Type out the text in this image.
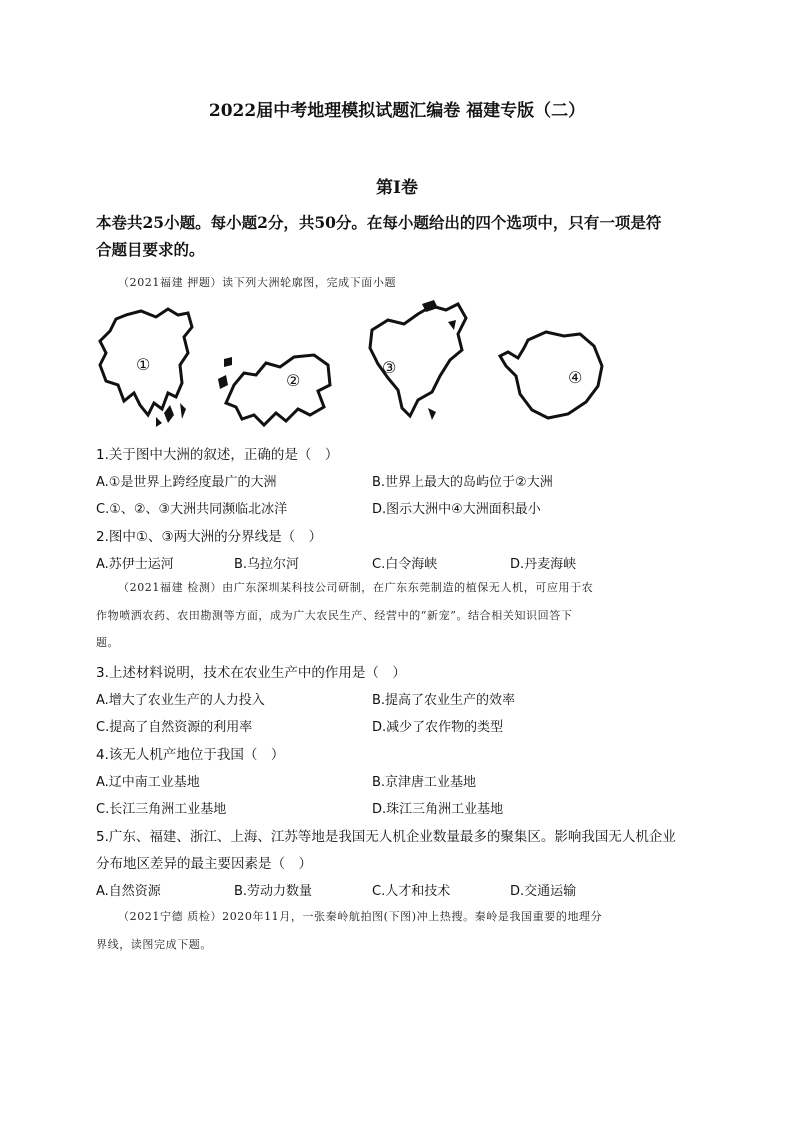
2022届中考地理模拟试题汇编卷 福建专版（二）
第I卷
本卷共25小题。每小题2分，共50分。在每小题给出的四个选项中，只有一项是符
合题目要求的。
（2021福建 押题）读下列大洲轮廓图，完成下面小题
①
②
③
④
1.关于图中大洲的叙述，正确的是（　）
A.①是世界上跨经度最广的大洲	B.世界上最大的岛屿位于②大洲
C.①、②、③大洲共同濒临北冰洋	D.图示大洲中④大洲面积最小
2.图中①、③两大洲的分界线是（　）
A.苏伊士运河	B.乌拉尔河	C.白令海峡	D.丹麦海峡
（2021福建 检测）由广东深圳某科技公司研制，在广东东莞制造的植保无人机，可应用于农
作物喷洒农药、农田勘测等方面，成为广大农民生产、经营中的“新宠”。结合相关知识回答下
题。
3.上述材料说明，技术在农业生产中的作用是（　）
A.增大了农业生产的人力投入	B.提高了农业生产的效率
C.提高了自然资源的利用率	D.减少了农作物的类型
4.该无人机产地位于我国（　）
A.辽中南工业基地	B.京津唐工业基地
C.长江三角洲工业基地	D.珠江三角洲工业基地
5.广东、福建、浙江、上海、江苏等地是我国无人机企业数量最多的聚集区。影响我国无人机企业
分布地区差异的最主要因素是（　）
A.自然资源	B.劳动力数量	C.人才和技术	D.交通运输
（2021宁德 质检）2020年11月，一张秦岭航拍图(下图)冲上热搜。秦岭是我国重要的地理分
界线，读图完成下题。
